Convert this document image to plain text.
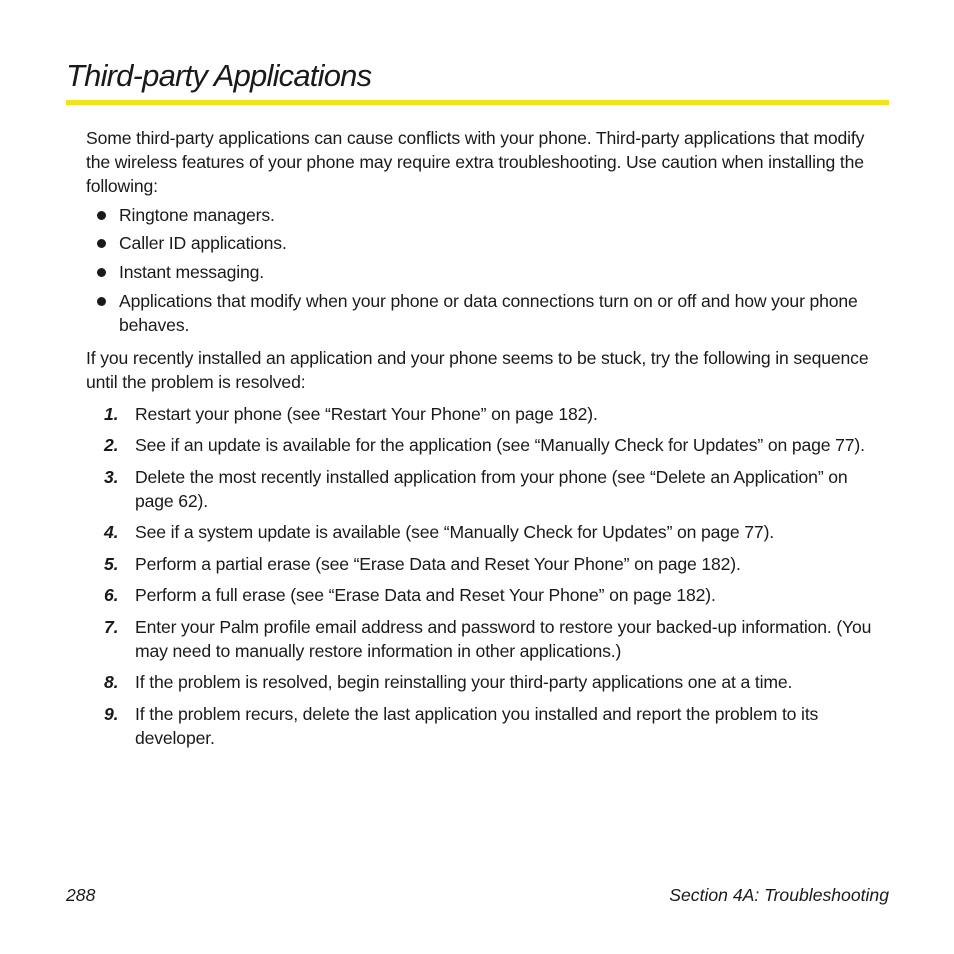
Third-party Applications

Some third-party applications can cause conflicts with your phone. Third-party applications that modify the wireless features of your phone may require extra troubleshooting. Use caution when installing the following:

Ringtone managers.
Caller ID applications.
Instant messaging.
Applications that modify when your phone or data connections turn on or off and how your phone behaves.

If you recently installed an application and your phone seems to be stuck, try the following in sequence until the problem is resolved:

1. Restart your phone (see “Restart Your Phone” on page 182).
2. See if an update is available for the application (see “Manually Check for Updates” on page 77).
3. Delete the most recently installed application from your phone (see “Delete an Application” on page 62).
4. See if a system update is available (see “Manually Check for Updates” on page 77).
5. Perform a partial erase (see “Erase Data and Reset Your Phone” on page 182).
6. Perform a full erase (see “Erase Data and Reset Your Phone” on page 182).
7. Enter your Palm profile email address and password to restore your backed-up information. (You may need to manually restore information in other applications.)
8. If the problem is resolved, begin reinstalling your third-party applications one at a time.
9. If the problem recurs, delete the last application you installed and report the problem to its developer.
288	Section 4A: Troubleshooting
